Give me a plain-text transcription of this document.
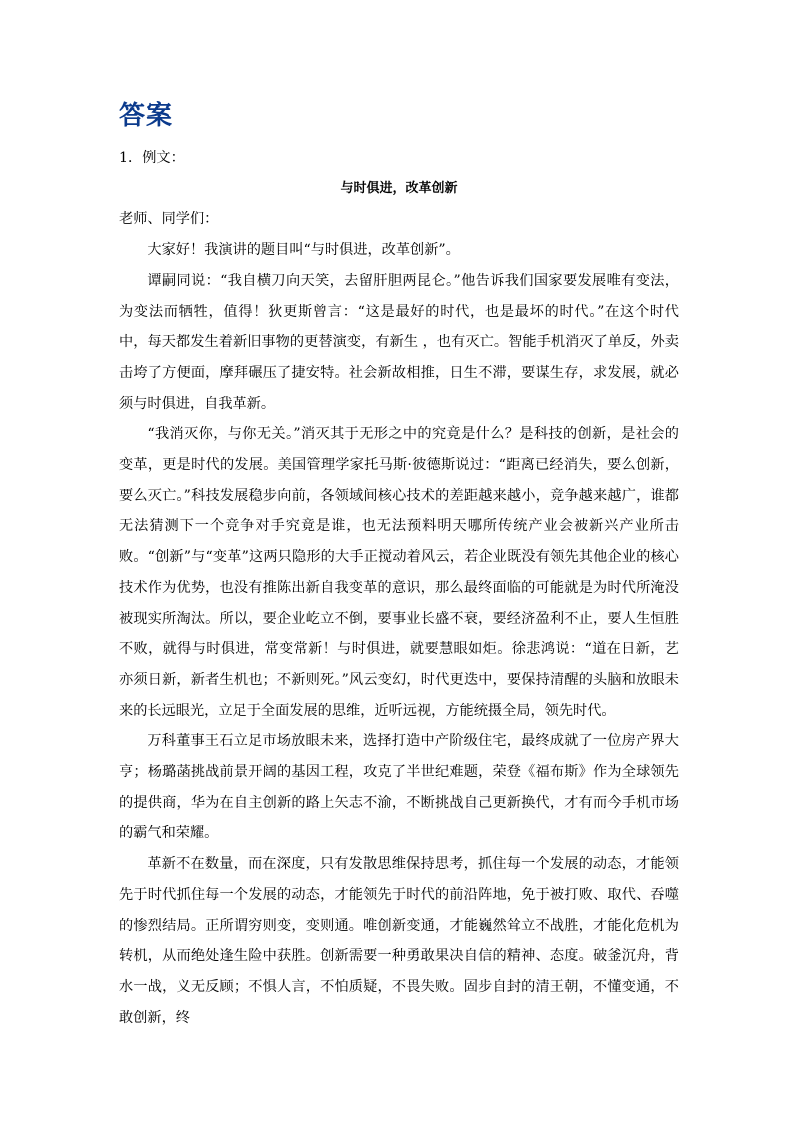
答案

1．例文：

与时俱进，改革创新

老师、同学们：

大家好！我演讲的题目叫“与时俱进，改革创新”。

谭嗣同说：“我自横刀向天笑，去留肝胆两昆仑。”他告诉我们国家要发展唯有变法，为变法而牺牲，值得！狄更斯曾言：“这是最好的时代，也是最坏的时代。”在这个时代中，每天都发生着新旧事物的更替演变，有新生 ，也有灭亡。智能手机消灭了单反，外卖击垮了方便面，摩拜碾压了捷安特。社会新故相推，日生不滞，要谋生存，求发展，就必须与时俱进，自我革新。

“我消灭你，与你无关。”消灭其于无形之中的究竟是什么？是科技的创新，是社会的变革，更是时代的发展。美国管理学家托马斯·彼德斯说过：“距离已经消失，要么创新，要么灭亡。”科技发展稳步向前，各领域间核心技术的差距越来越小，竞争越来越广，谁都无法猜测下一个竞争对手究竟是谁，也无法预料明天哪所传统产业会被新兴产业所击败。“创新”与“变革”这两只隐形的大手正搅动着风云，若企业既没有领先其他企业的核心技术作为优势，也没有推陈出新自我变革的意识，那么最终面临的可能就是为时代所淹没被现实所淘汰。所以，要企业屹立不倒，要事业长盛不衰，要经济盈利不止，要人生恒胜不败，就得与时俱进，常变常新！与时俱进，就要慧眼如炬。徐悲鸿说：“道在日新，艺亦须日新，新者生机也；不新则死。”风云变幻，时代更迭中，要保持清醒的头脑和放眼未来的长远眼光，立足于全面发展的思维，近听远视，方能统摄全局，领先时代。

万科董事王石立足市场放眼未来，选择打造中产阶级住宅，最终成就了一位房产界大亨；杨璐菡挑战前景开阔的基因工程，攻克了半世纪难题，荣登《福布斯》作为全球领先的提供商，华为在自主创新的路上矢志不渝，不断挑战自己更新换代，才有而今手机市场的霸气和荣耀。

革新不在数量，而在深度，只有发散思维保持思考，抓住每一个发展的动态，才能领先于时代抓住每一个发展的动态，才能领先于时代的前沿阵地，免于被打败、取代、吞噬的惨烈结局。正所谓穷则变，变则通。唯创新变通，才能巍然耸立不战胜，才能化危机为转机，从而绝处逢生险中获胜。创新需要一种勇敢果决自信的精神、态度。破釜沉舟，背水一战，义无反顾；不惧人言，不怕质疑，不畏失败。固步自封的清王朝，不懂变通，不敢创新，终
